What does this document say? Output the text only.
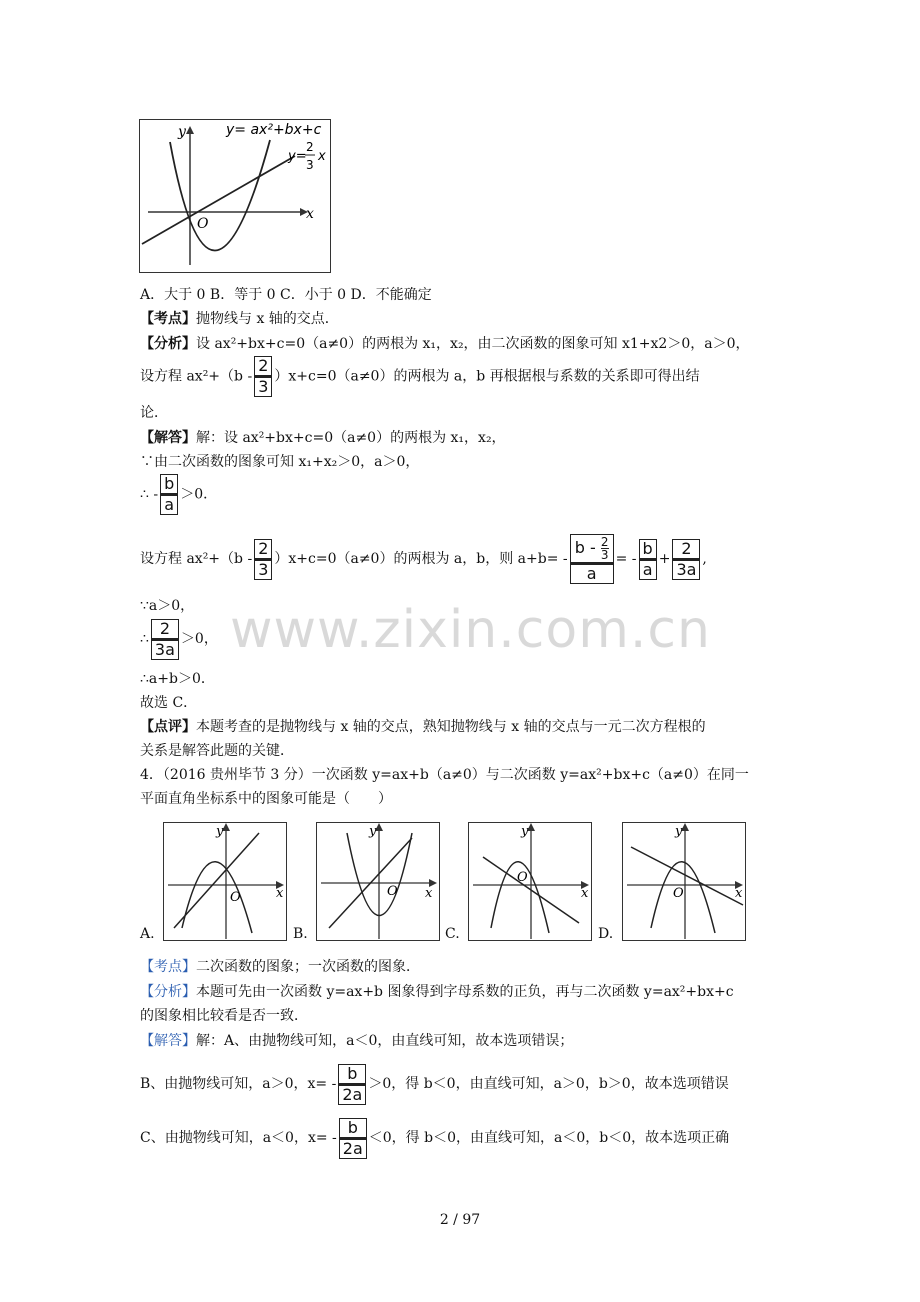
y
x
O
y= ax²+bx+c
y=
2
3
x
A．大于 0 B．等于 0 C．小于 0 D．不能确定
【考点】抛物线与 x 轴的交点．
【分析】设 ax²+bx+c=0（a≠0）的两根为 x₁，x₂，由二次函数的图象可知 x1+x2＞0，a＞0，
设方程 $ax^2+(b - \frac{2}{3} )x+c=0(a\ne 0)$的两根为 a，b 再根据根与系数的关系即可得出结
论．
【解答】解：设 ax²+bx+c=0（a≠0）的两根为 x₁，x₂，
∵由二次函数的图象可知 x₁+x₂＞0，a＞0，
∴ - $\frac{b}{a} >0$．
设方程 $ax^2+(b - \frac{2}{3} )x+c=0(a\ne 0)$的两根为 a，b，则 $a+b= - \frac{b - \frac{2}{3}}{a}$ = - $\frac{b}{a} + \frac{2}{3a}$ ,
∵a＞0，
∴ $\frac{2}{3a} >0$，
∴a+b＞0．
故选 C．
【点评】本题考查的是抛物线与 x 轴的交点，熟知抛物线与 x 轴的交点与一元二次方程根的
关系是解答此题的关键．
4．（2016 贵州毕节 3 分）一次函数 y=ax+b（a≠0）与二次函数 y=ax²+bx+c（a≠0）在同一
平面直角坐标系中的图象可能是（　　）
A.
y
x
O
B.
y
x
O
C.
y
x
O
D.
y
x
O
【考点】二次函数的图象；一次函数的图象．
【分析】本题可先由一次函数 y=ax+b 图象得到字母系数的正负，再与二次函数 y=ax²+bx+c
的图象相比较看是否一致．
【解答】解：A、由抛物线可知，a＜0，由直线可知，故本选项错误；
B、由抛物线可知，a＞0，$x= - \frac{b}{2a} >0$，得 b＜0，由直线可知，a＞0，b＞0，故本选项错误
C、由抛物线可知，a＜0，$x= - \frac{b}{2a} <0$，得 b＜0，由直线可知，a＜0，b＜0，故本选项正确
www.zixin.com.cn
2 / 97
